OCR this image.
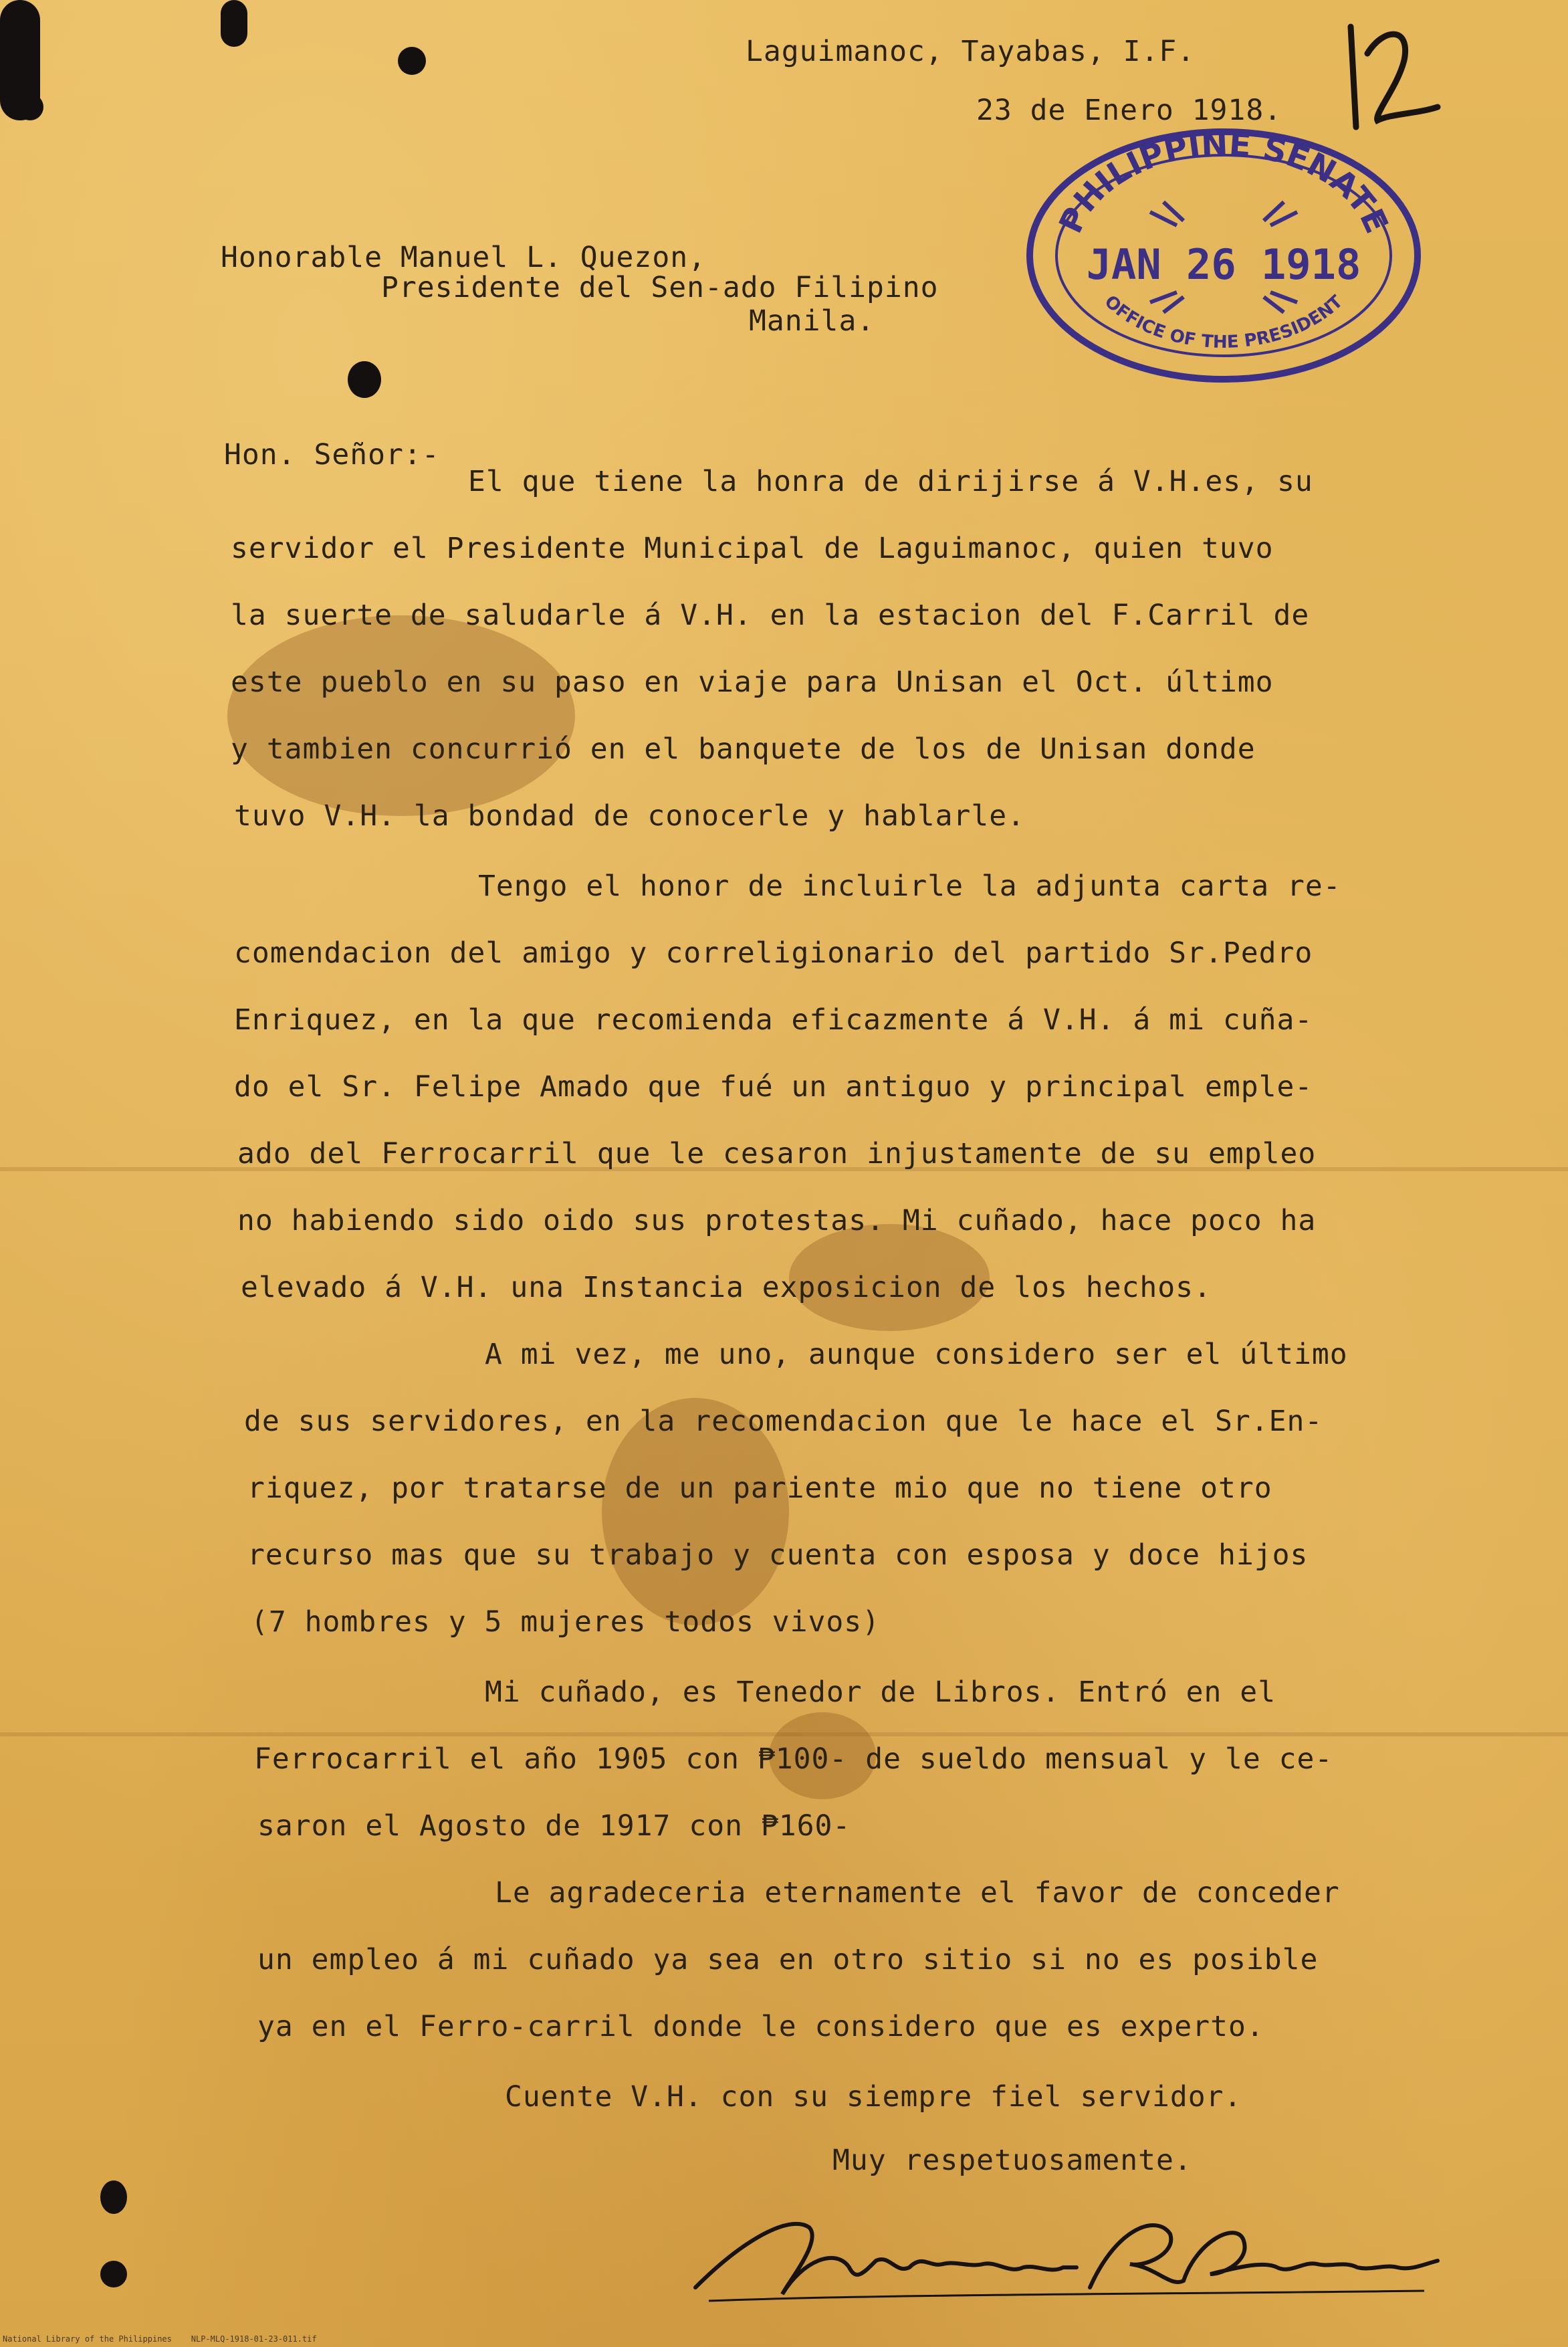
Laguimanoc, Tayabas, I.F.
23 de Enero 1918.
Honorable Manuel L. Quezon,
Presidente del Sen-ado Filipino
Manila.
PHILIPPINE SENATE
JAN 26 1918
OFFICE OF THE PRESIDENT
Hon. Señor:-
El que tiene la honra de dirijirse á V.H.es, su
servidor el Presidente Municipal de Laguimanoc, quien tuvo
la suerte de saludarle á V.H. en la estacion del F.Carril de
este pueblo en su paso en viaje para Unisan el Oct. último
y tambien concurrió en el banquete de los de Unisan donde
tuvo V.H. la bondad de conocerle y hablarle.
Tengo el honor de incluirle la adjunta carta re-
comendacion del amigo y correligionario del partido Sr.Pedro
Enriquez, en la que recomienda eficazmente á V.H. á mi cuña-
do el Sr. Felipe Amado que fué un antiguo y principal emple-
ado del Ferrocarril que le cesaron injustamente de su empleo
no habiendo sido oido sus protestas. Mi cuñado, hace poco ha
elevado á V.H. una Instancia exposicion de los hechos.
A mi vez, me uno, aunque considero ser el último
de sus servidores, en la recomendacion que le hace el Sr.En-
riquez, por tratarse de un pariente mio que no tiene otro
recurso mas que su trabajo y cuenta con esposa y doce hijos
(7 hombres y 5 mujeres todos vivos)
Mi cuñado, es Tenedor de Libros. Entró en el
Ferrocarril el año 1905 con ₱100- de sueldo mensual y le ce-
saron el Agosto de 1917 con ₱160-
Le agradeceria eternamente el favor de conceder
un empleo á mi cuñado ya sea en otro sitio si no es posible
ya en el Ferro-carril donde le considero que es experto.
Cuente V.H. con su siempre fiel servidor.
Muy respetuosamente.
National Library of the Philippines    NLP-MLQ-1918-01-23-011.tif
